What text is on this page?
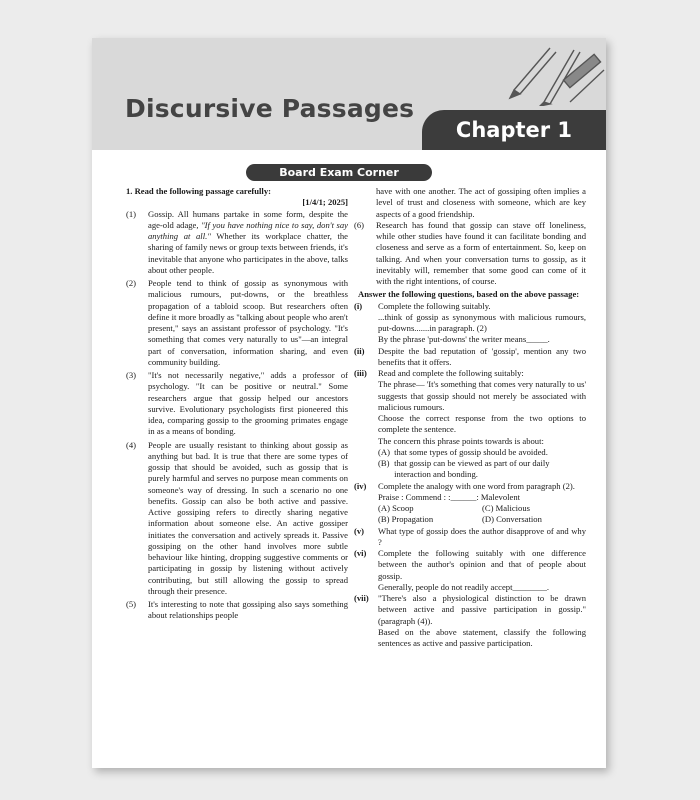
Discursive Passages
Chapter 1
Board Exam Corner
1. Read the following passage carefully:
[1/4/1; 2025]
(1)	Gossip. All humans partake in some form, despite the age-old adage, "If you have nothing nice to say, don't say anything at all." Whether its workplace chatter, the sharing of family news or group texts between friends, it's inevitable that anyone who participates in the above, talks about other people.
(2)	People tend to think of gossip as synonymous with malicious rumours, put-downs, or the breathless propagation of a tabloid scoop. But researchers often define it more broadly as "talking about people who aren't present," says an assistant professor of psychology. "It's something that comes very naturally to us"—an integral part of conversation, information sharing, and even community building.
(3)	"It's not necessarily negative," adds a professor of psychology. "It can be positive or neutral." Some researchers argue that gossip helped our ancestors survive. Evolutionary psychologists first pioneered this idea, comparing gossip to the grooming primates engage in as a means of bonding.
(4)	People are usually resistant to thinking about gossip as anything but bad. It is true that there are some types of gossip that should be avoided, such as gossip that is purely harmful and serves no purpose mean comments on someone's way of dressing. In such a scenario no one benefits. Gossip can also be both active and passive. Active gossiping refers to directly sharing negative information about someone else. An active gossiper initiates the conversation and actively spreads it. Passive gossiping on the other hand involves more subtle behaviour like hinting, dropping suggestive comments or participating in gossip by listening without actively contributing, but still allowing the gossip to spread through their presence.
(5)	It's interesting to note that gossiping also says something about relationships people
have with one another. The act of gossiping often implies a level of trust and closeness with someone, which are key aspects of a good friendship.
(6)	Research has found that gossip can stave off loneliness, while other studies have found it can facilitate bonding and closeness and serve as a form of entertainment. So, keep on talking. And when your conversation turns to gossip, as it inevitably will, remember that some good can come of it with the right intentions, of course.
Answer the following questions, based on the above passage:
(i)	Complete the following suitably.
...think of gossip as synonymous with malicious rumours, put-downs.......in paragraph. (2)
By the phrase 'put-downs' the writer means_____.
(ii)	Despite the bad reputation of 'gossip', mention any two benefits that it offers.
(iii)	Read and complete the following suitably:
The phrase— 'It's something that comes very naturally to us' suggests that gossip should not merely be associated with malicious rumours.
Choose the correct response from the two options to complete the sentence.
The concern this phrase points towards is about:
(A)
that some types of gossip should be avoided.
(B)
that gossip can be viewed as part of our daily interaction and bonding.
(iv)	Complete the analogy with one word from paragraph (2).
Praise : Commend : :______: Malevolent
(A) Scoop	(C) Malicious
(B) Propagation	(D) Conversation
(v)	What type of gossip does the author disapprove of and why ?
(vi)	Complete the following suitably with one difference between the author's opinion and that of people about gossip.
Generally, people do not readily accept________.
(vii)	"There's also a physiological distinction to be drawn between active and passive participation in gossip." (paragraph (4)).
Based on the above statement, classify the following sentences as active and passive participation.
